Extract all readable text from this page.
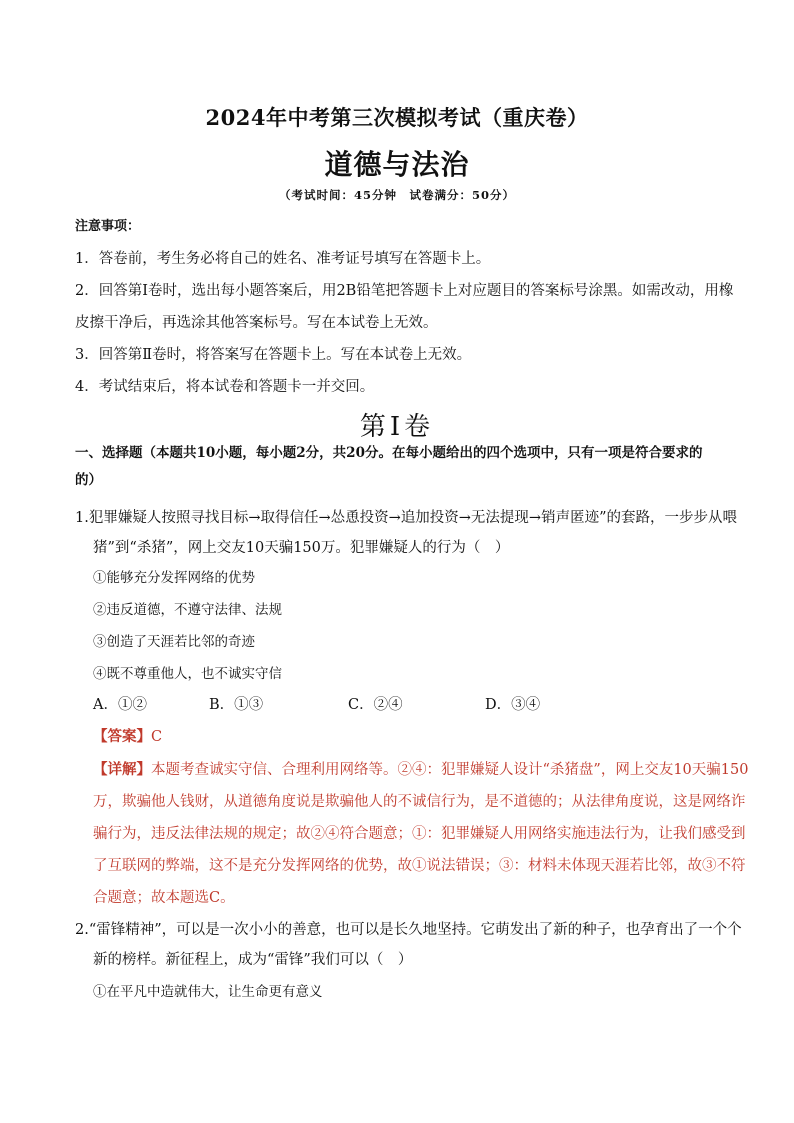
2024年中考第三次模拟考试（重庆卷）
道德与法治
（考试时间：45分钟　试卷满分：50分）
注意事项：
1．答卷前，考生务必将自己的姓名、准考证号填写在答题卡上。
2．回答第Ⅰ卷时，选出每小题答案后，用2B铅笔把答题卡上对应题目的答案标号涂黑。如需改动，用橡
皮擦干净后，再选涂其他答案标号。写在本试卷上无效。
3．回答第Ⅱ卷时，将答案写在答题卡上。写在本试卷上无效。
4．考试结束后，将本试卷和答题卡一并交回。
第Ⅰ卷
一、选择题（本题共10小题，每小题2分，共20分。在每小题给出的四个选项中，只有一项是符合要求的
的）
1.犯罪嫌疑人按照寻找目标→取得信任→怂恿投资→追加投资→无法提现→销声匿迹”的套路，一步步从喂
猪”到“杀猪”，网上交友10天骗150万。犯罪嫌疑人的行为（　）
①能够充分发挥网络的优势
②违反道德，不遵守法律、法规
③创造了天涯若比邻的奇迹
④既不尊重他人，也不诚实守信
A．①②	B．①③	C．②④	D．③④
【答案】C
【详解】本题考查诚实守信、合理利用网络等。②④：犯罪嫌疑人设计“杀猪盘”，网上交友10天骗150
万，欺骗他人钱财，从道德角度说是欺骗他人的不诚信行为，是不道德的；从法律角度说，这是网络诈
骗行为，违反法律法规的规定；故②④符合题意；①：犯罪嫌疑人用网络实施违法行为，让我们感受到
了互联网的弊端，这不是充分发挥网络的优势，故①说法错误；③：材料未体现天涯若比邻，故③不符
合题意；故本题选C。
2.“雷锋精神”，可以是一次小小的善意，也可以是长久地坚持。它萌发出了新的种子，也孕育出了一个个
新的榜样。新征程上，成为“雷锋”我们可以（　）
①在平凡中造就伟大，让生命更有意义
